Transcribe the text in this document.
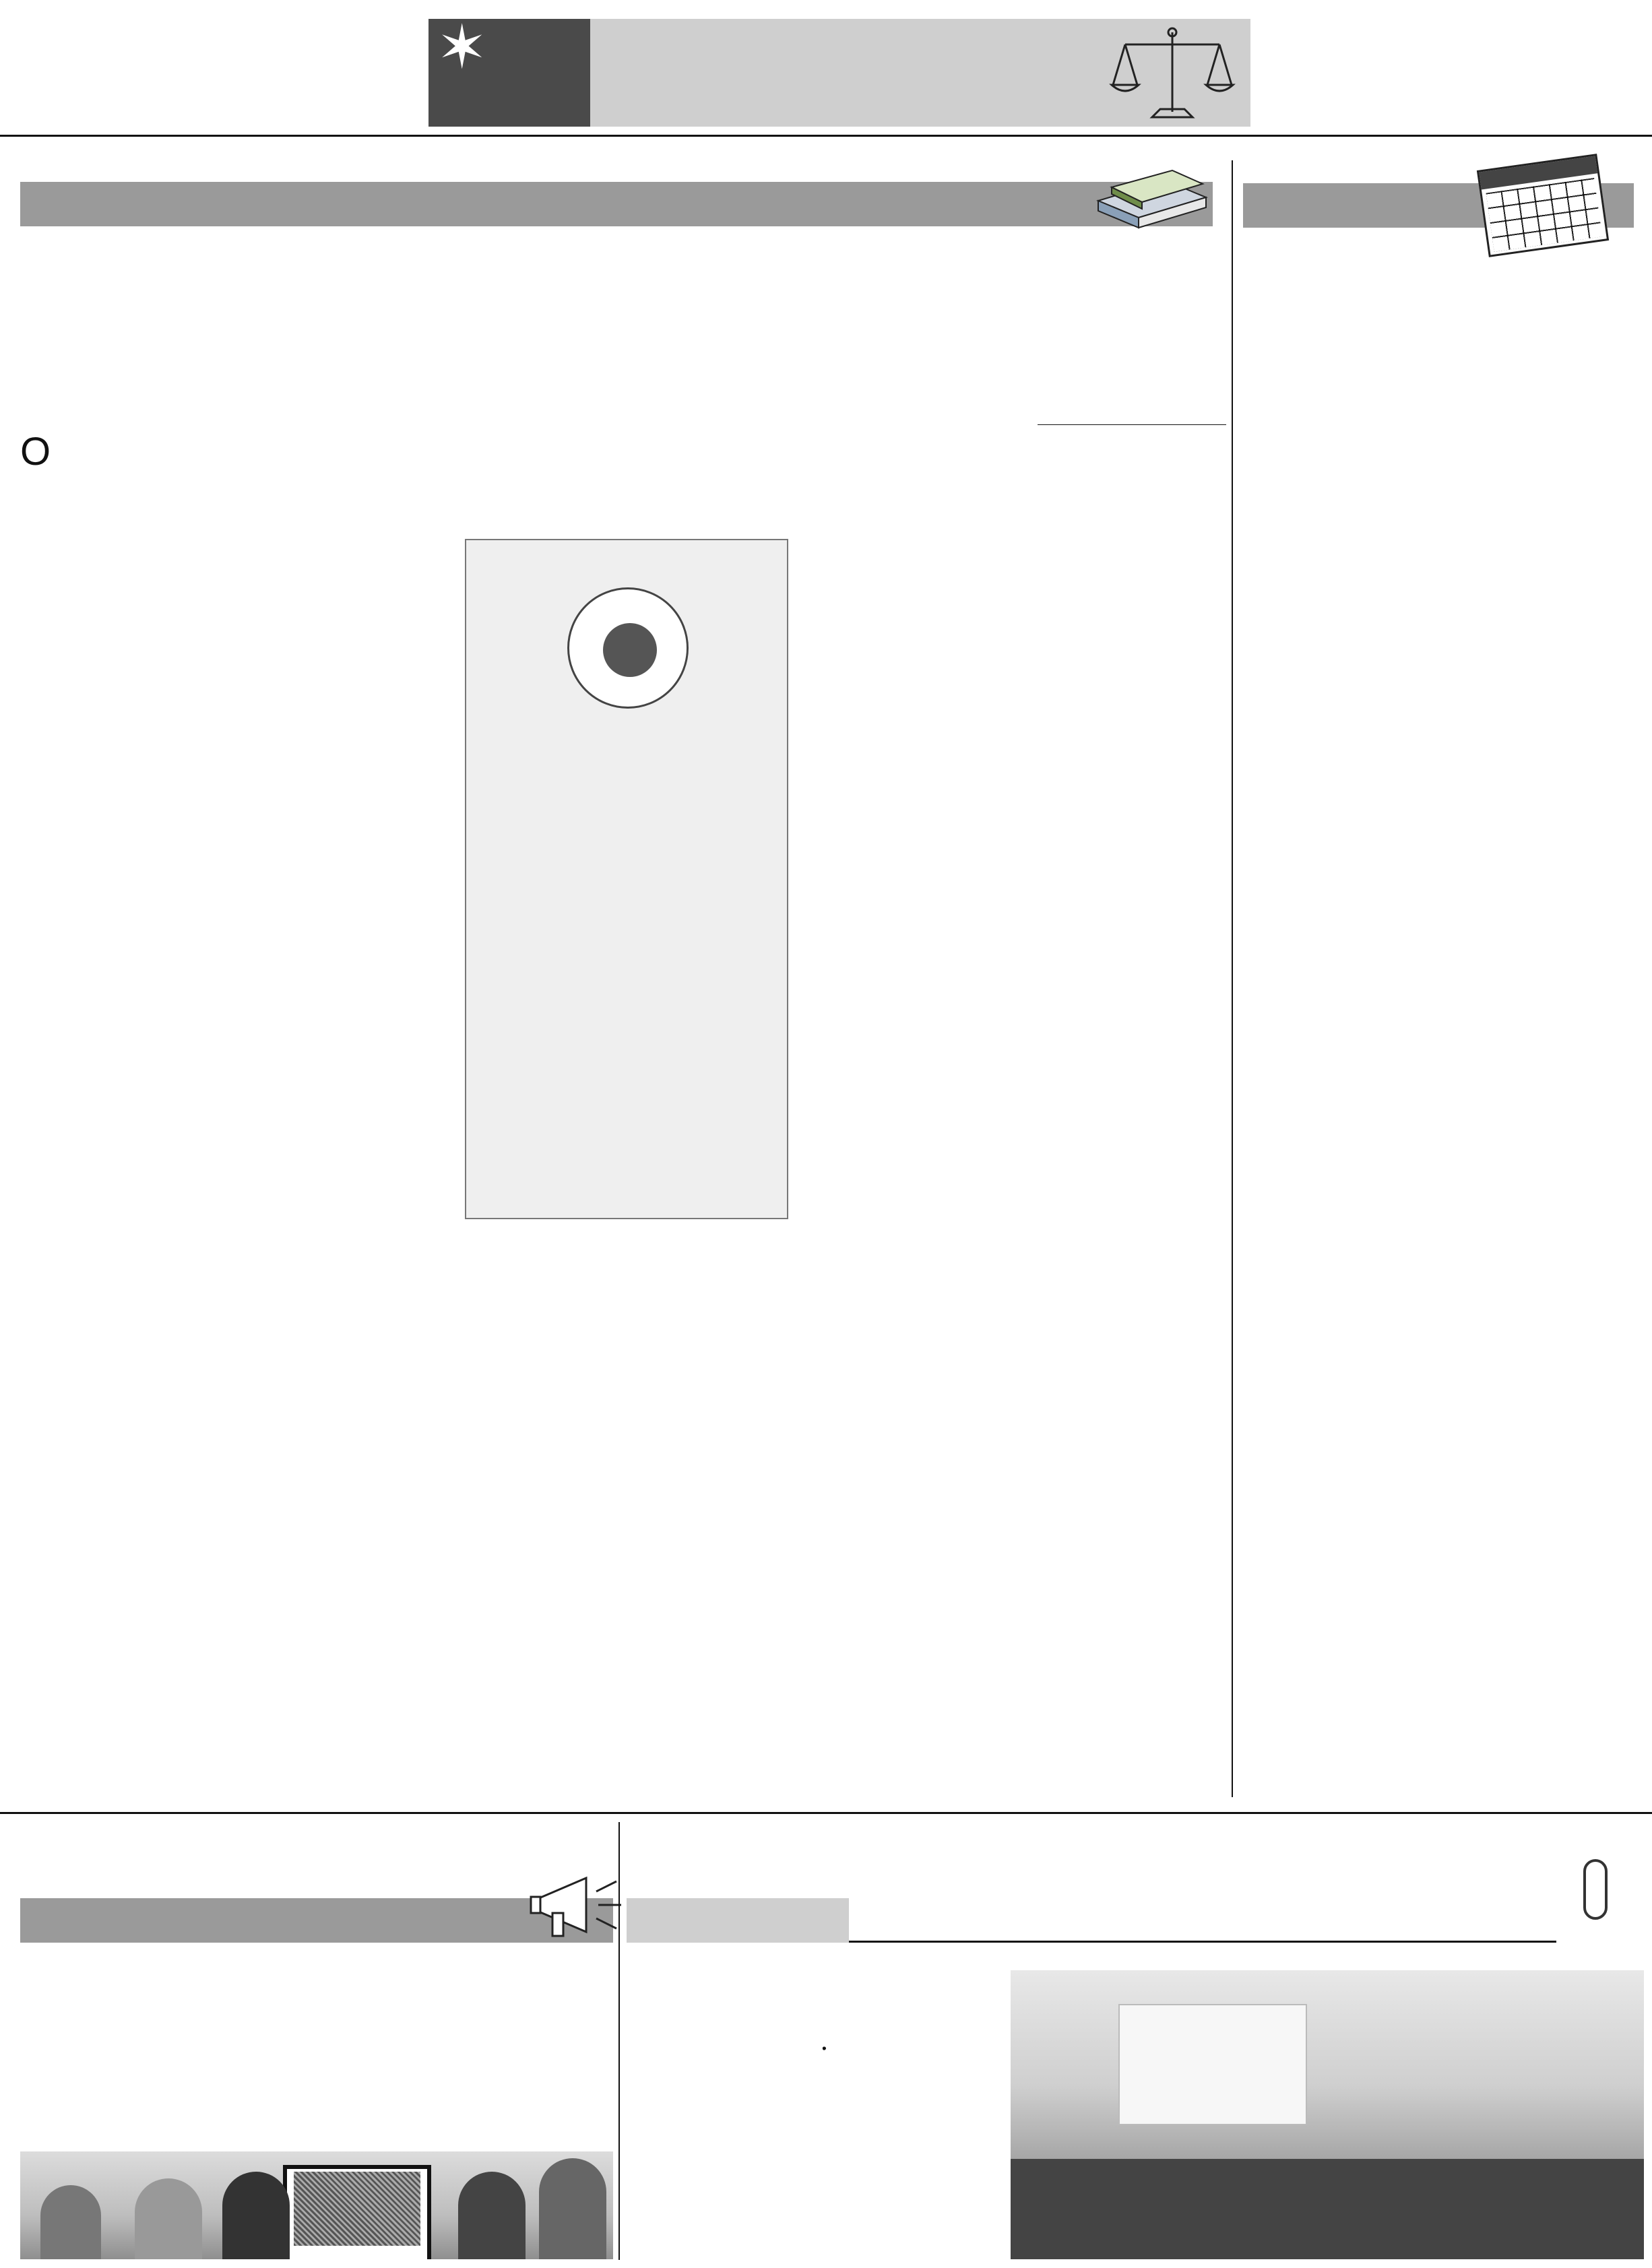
✶
O
